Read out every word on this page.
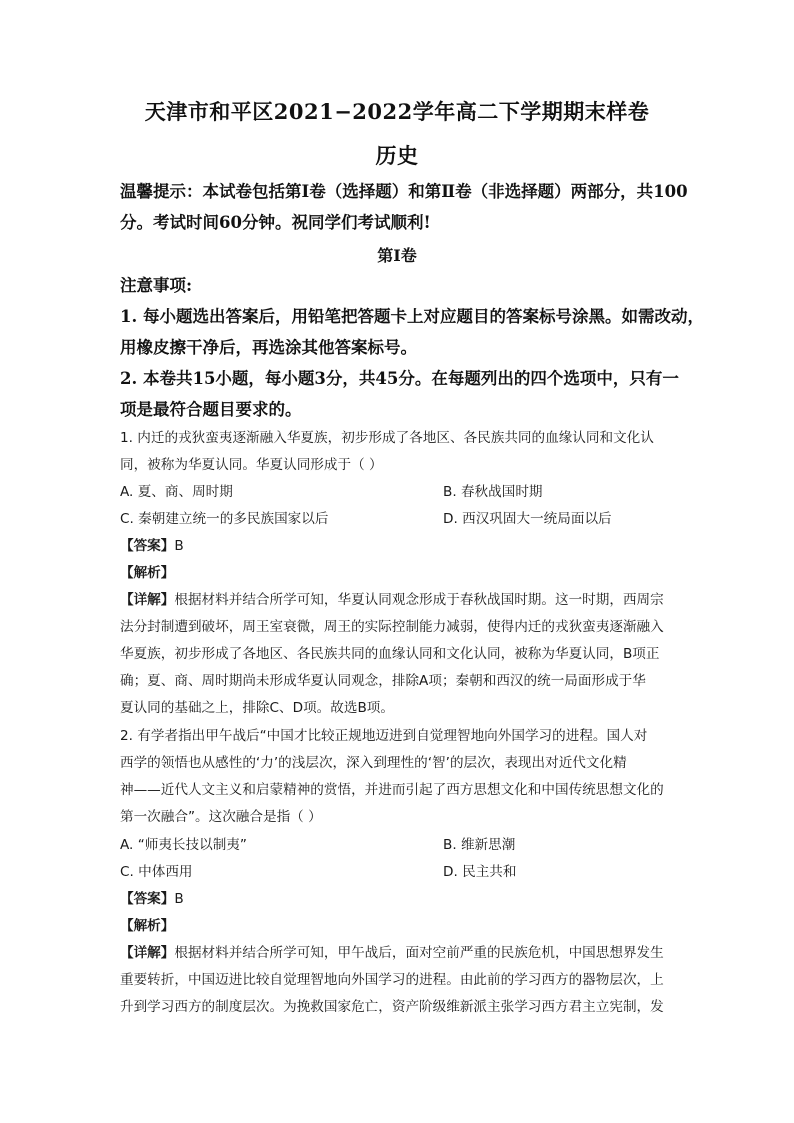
天津市和平区2021−2022学年高二下学期期末样卷
历史
温馨提示：本试卷包括第Ⅰ卷（选择题）和第Ⅱ卷（非选择题）两部分，共100
分。考试时间60分钟。祝同学们考试顺利!
第Ⅰ卷
注意事项:
1. 每小题选出答案后，用铅笔把答题卡上对应题目的答案标号涂黑。如需改动，
用橡皮擦干净后，再选涂其他答案标号。
2. 本卷共15小题，每小题3分，共45分。在每题列出的四个选项中，只有一
项是最符合题目要求的。
1. 内迁的戎狄蛮夷逐渐融入华夏族，初步形成了各地区、各民族共同的血缘认同和文化认
同，被称为华夏认同。华夏认同形成于（ ）
A. 夏、商、周时期	B. 春秋战国时期
C. 秦朝建立统一的多民族国家以后	D. 西汉巩固大一统局面以后
【答案】B
【解析】
【详解】根据材料并结合所学可知，华夏认同观念形成于春秋战国时期。这一时期，西周宗
法分封制遭到破坏，周王室衰微，周王的实际控制能力减弱，使得内迁的戎狄蛮夷逐渐融入
华夏族，初步形成了各地区、各民族共同的血缘认同和文化认同，被称为华夏认同，B项正
确；夏、商、周时期尚未形成华夏认同观念，排除A项；秦朝和西汉的统一局面形成于华
夏认同的基础之上，排除C、D项。故选B项。
2. 有学者指出甲午战后“中国才比较正规地迈进到自觉理智地向外国学习的进程。国人对
西学的领悟也从感性的‘力’的浅层次，深入到理性的‘智’的层次，表现出对近代文化精
神——近代人文主义和启蒙精神的赏悟，并进而引起了西方思想文化和中国传统思想文化的
第一次融合”。这次融合是指（ ）
A. “师夷长技以制夷”	B. 维新思潮
C. 中体西用	D. 民主共和
【答案】B
【解析】
【详解】根据材料并结合所学可知，甲午战后，面对空前严重的民族危机，中国思想界发生
重要转折，中国迈进比较自觉理智地向外国学习的进程。由此前的学习西方的器物层次，上
升到学习西方的制度层次。为挽救国家危亡，资产阶级维新派主张学习西方君主立宪制，发
